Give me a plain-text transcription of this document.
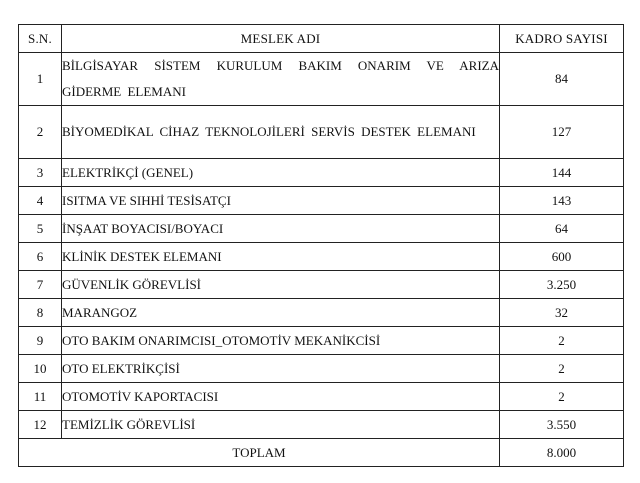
S.N.	MESLEK ADI	KADRO SAYISI
1	BİLGİSAYAR SİSTEM KURULUM BAKIM ONARIM VE ARIZA GİDERME ELEMANI	84
2	BİYOMEDİKAL CİHAZ TEKNOLOJİLERİ SERVİS DESTEK ELEMANI	127
3	ELEKTRİKÇİ (GENEL)	144
4	ISITMA VE SIHHİ TESİSATÇI	143
5	İNŞAAT BOYACISI/BOYACI	64
6	KLİNİK DESTEK ELEMANI	600
7	GÜVENLİK GÖREVLİSİ	3.250
8	MARANGOZ	32
9	OTO BAKIM ONARIMCISI_OTOMOTİV MEKANİKCİSİ	2
10	OTO ELEKTRİKÇİSİ	2
11	OTOMOTİV KAPORTACISI	2
12	TEMİZLİK GÖREVLİSİ	3.550
TOPLAM		8.000
